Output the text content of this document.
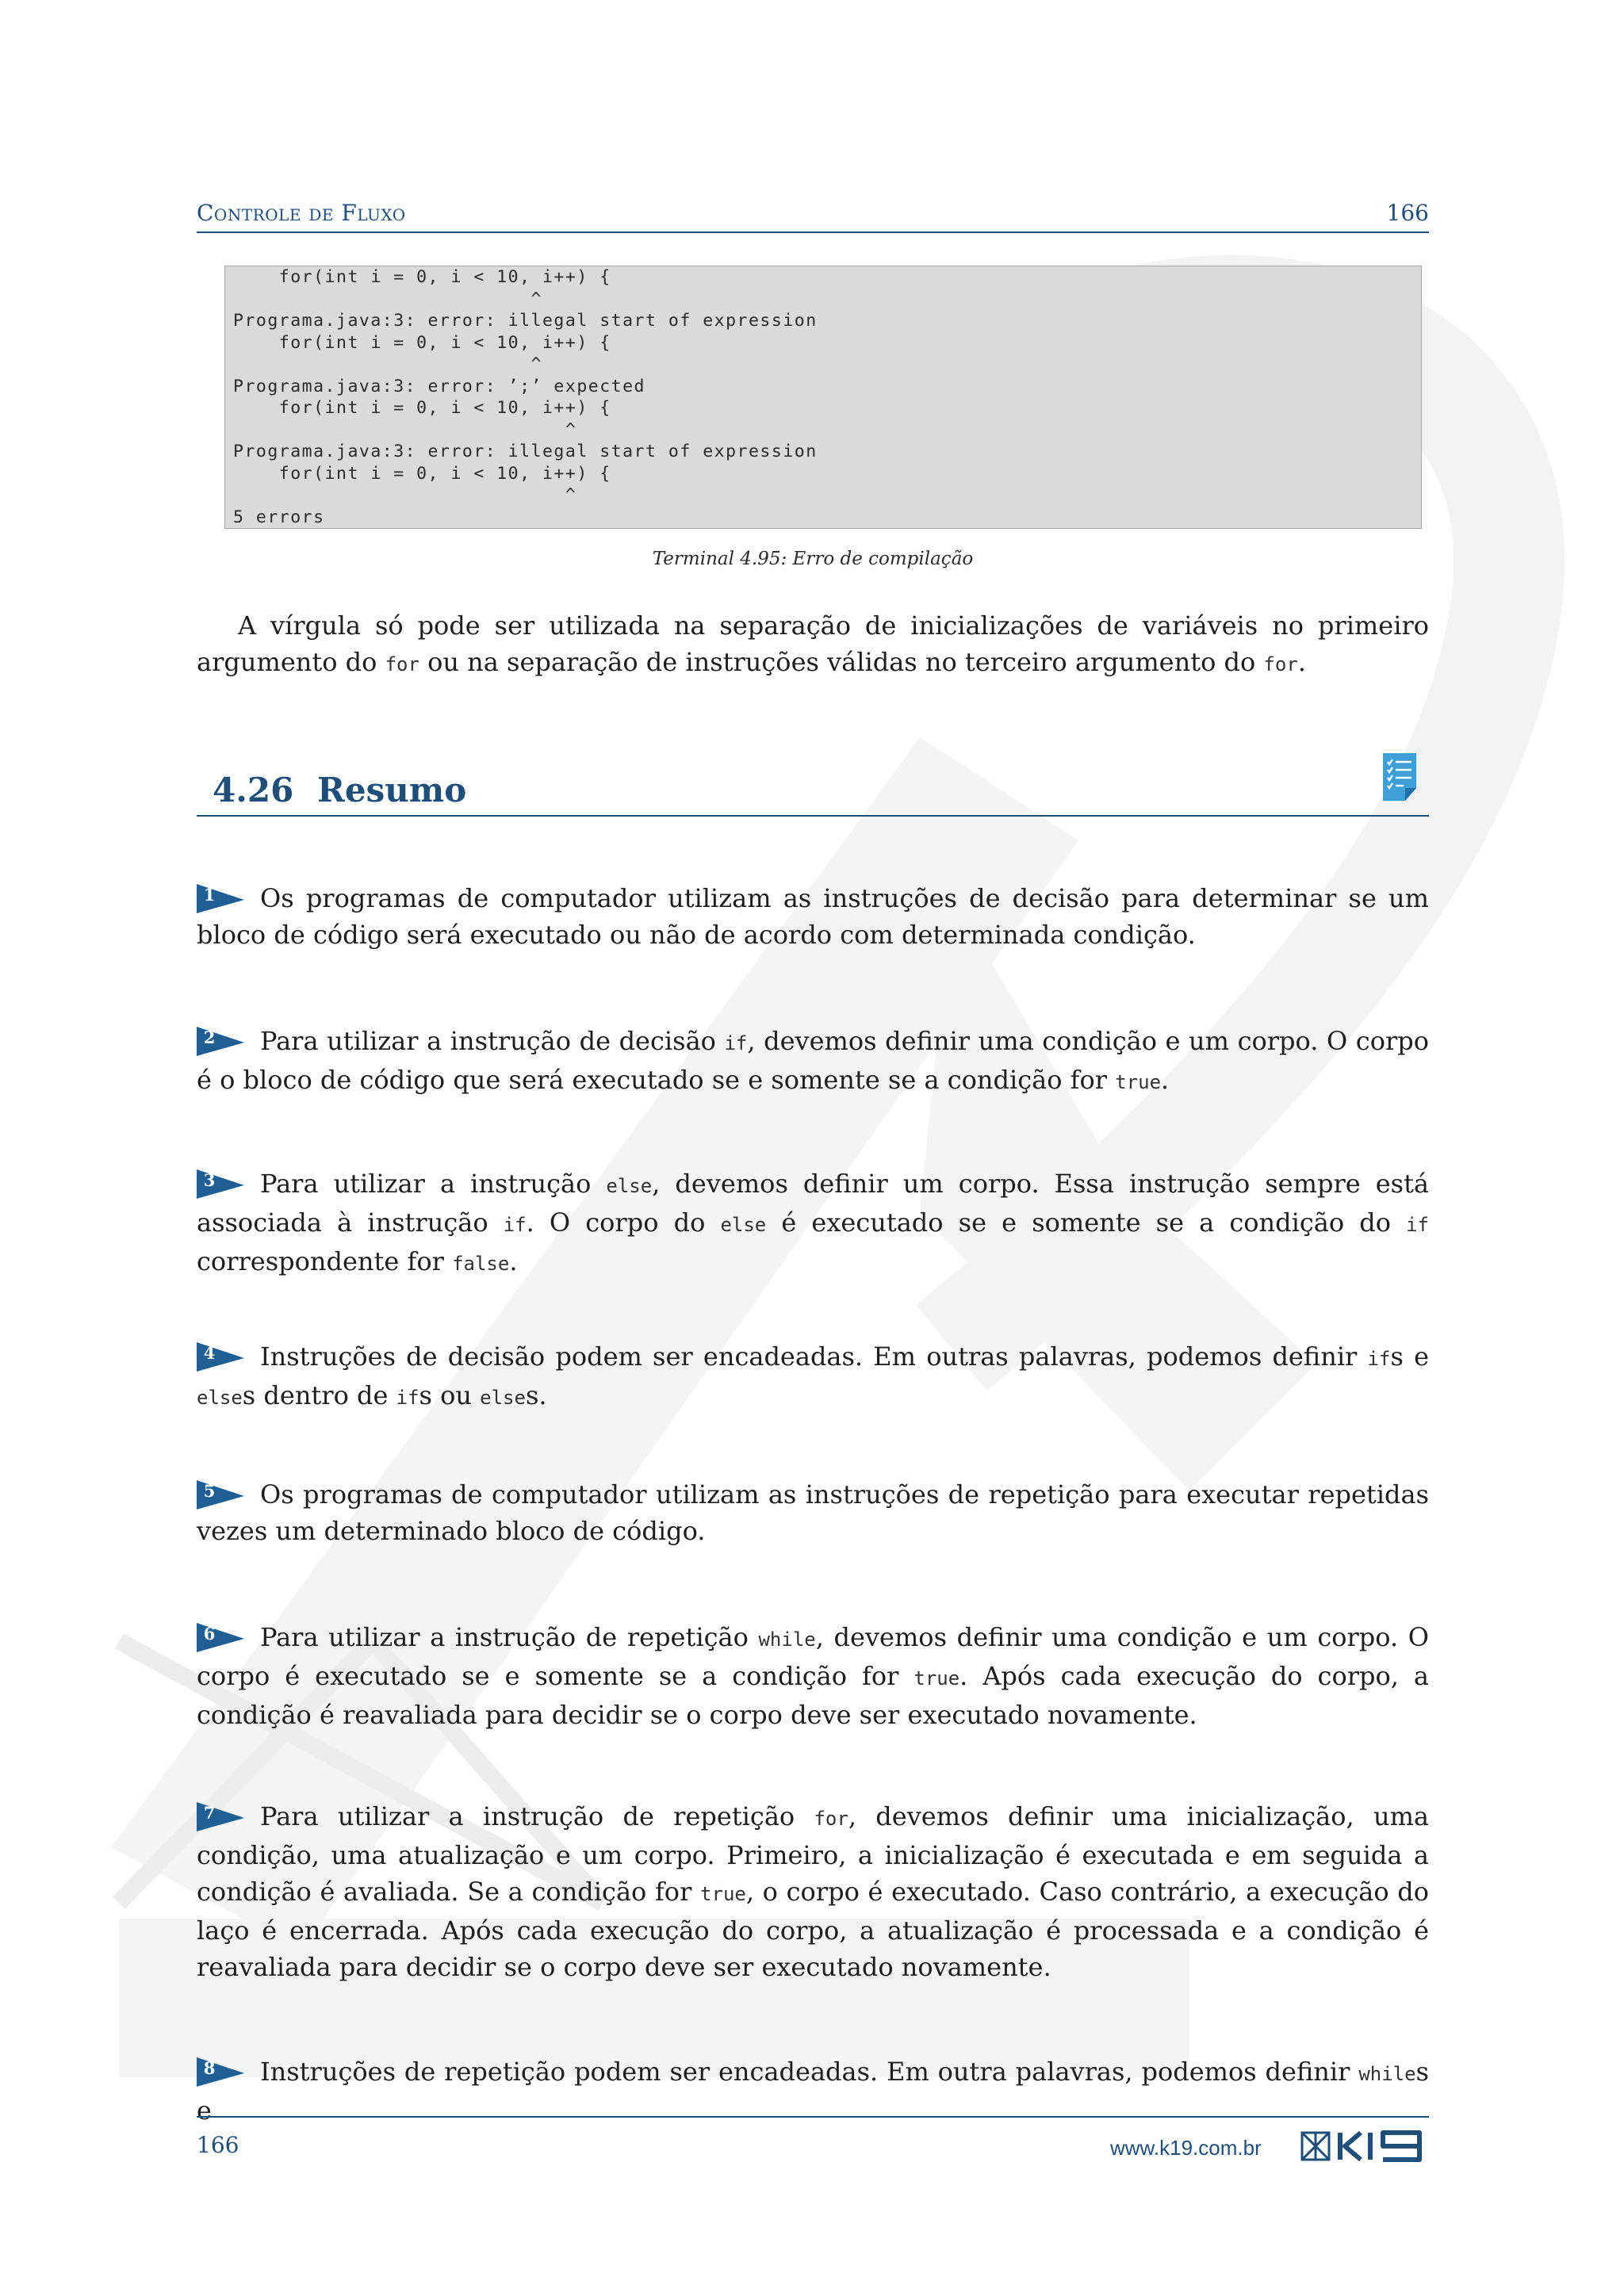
Controle de Fluxo	166
for(int i = 0, i < 10, i++) {
^
Programa.java:3: error: illegal start of expression
for(int i = 0, i < 10, i++) {
^
Programa.java:3: error: ’;’ expected
for(int i = 0, i < 10, i++) {
^
Programa.java:3: error: illegal start of expression
for(int i = 0, i < 10, i++) {
^
5 errors
Terminal 4.95: Erro de compilação

A vírgula só pode ser utilizada na separação de inicializações de variáveis no primeiro argumento do for ou na separação de instruções válidas no terceiro argumento do for.

4.26 Resumo

1 Os programas de computador utilizam as instruções de decisão para determinar se um bloco de código será executado ou não de acordo com determinada condição.

2 Para utilizar a instrução de decisão if, devemos definir uma condição e um corpo. O corpo é o bloco de código que será executado se e somente se a condição for true.

3 Para utilizar a instrução else, devemos definir um corpo. Essa instrução sempre está associada à instrução if. O corpo do else é executado se e somente se a condição do if correspondente for false.

4 Instruções de decisão podem ser encadeadas. Em outras palavras, podemos definir ifs e elses dentro de ifs ou elses.

5 Os programas de computador utilizam as instruções de repetição para executar repetidas vezes um determinado bloco de código.

6 Para utilizar a instrução de repetição while, devemos definir uma condição e um corpo. O corpo é executado se e somente se a condição for true. Após cada execução do corpo, a condição é reavaliada para decidir se o corpo deve ser executado novamente.

7 Para utilizar a instrução de repetição for, devemos definir uma inicialização, uma condição, uma atualização e um corpo. Primeiro, a inicialização é executada e em seguida a condição é avaliada. Se a condição for true, o corpo é executado. Caso contrário, a execução do laço é encerrada. Após cada execução do corpo, a atualização é processada e a condição é reavaliada para decidir se o corpo deve ser executado novamente.

8 Instruções de repetição podem ser encadeadas. Em outra palavras, podemos definir whiles e

166	www.k19.com.br
